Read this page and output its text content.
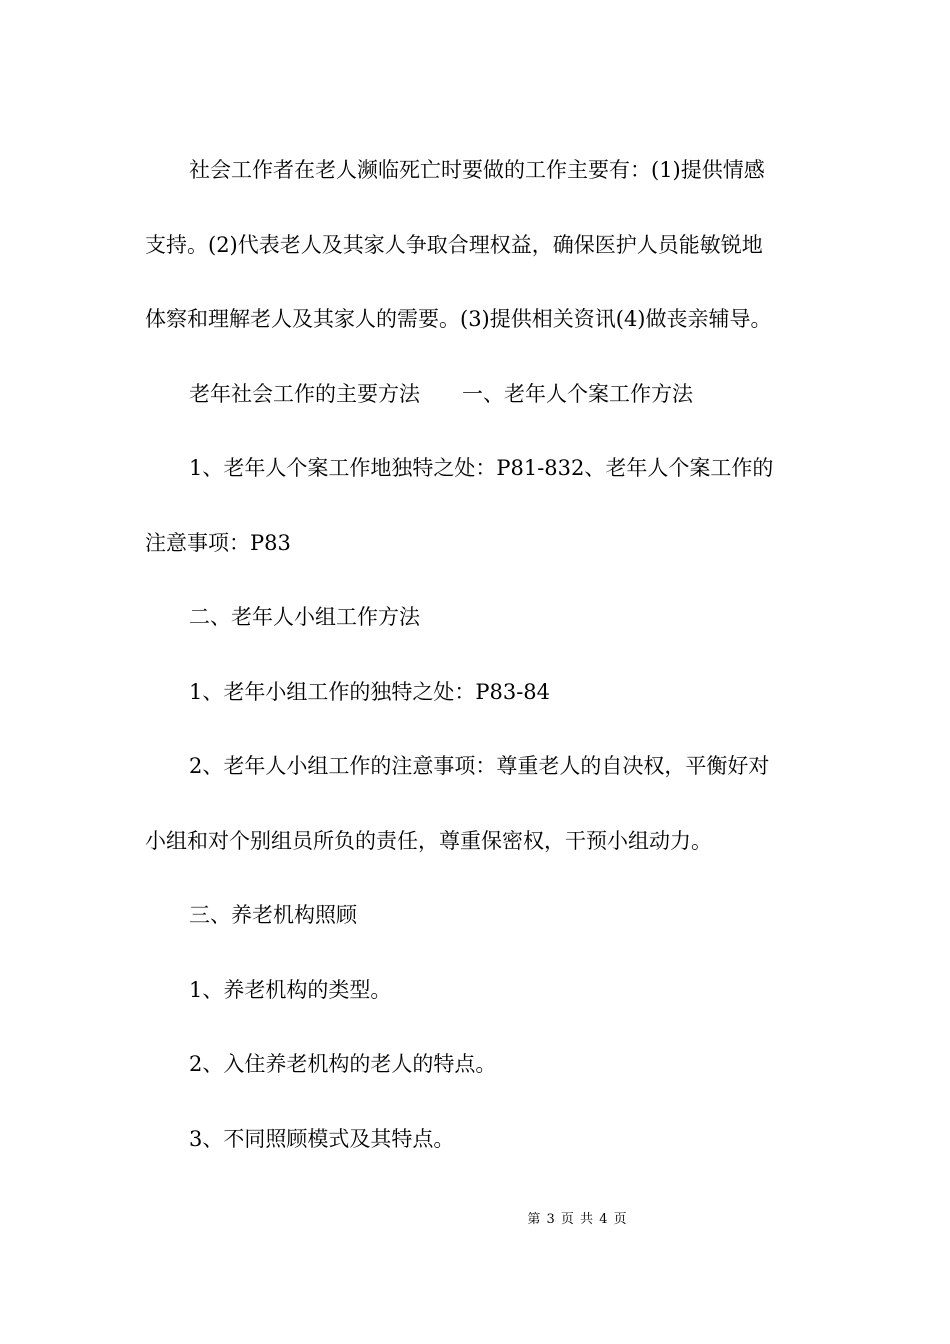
社会工作者在老人濒临死亡时要做的工作主要有：(1)提供情感
支持。(2)代表老人及其家人争取合理权益，确保医护人员能敏锐地
体察和理解老人及其家人的需要。(3)提供相关资讯(4)做丧亲辅导。

老年社会工作的主要方法　　一、老年人个案工作方法

1、老年人个案工作地独特之处：P81-832、老年人个案工作的
注意事项：P83

二、老年人小组工作方法

1、老年小组工作的独特之处：P83-84

2、老年人小组工作的注意事项：尊重老人的自决权，平衡好对
小组和对个别组员所负的责任，尊重保密权，干预小组动力。

三、养老机构照顾

1、养老机构的类型。

2、入住养老机构的老人的特点。

3、不同照顾模式及其特点。

第 3 页 共 4 页
